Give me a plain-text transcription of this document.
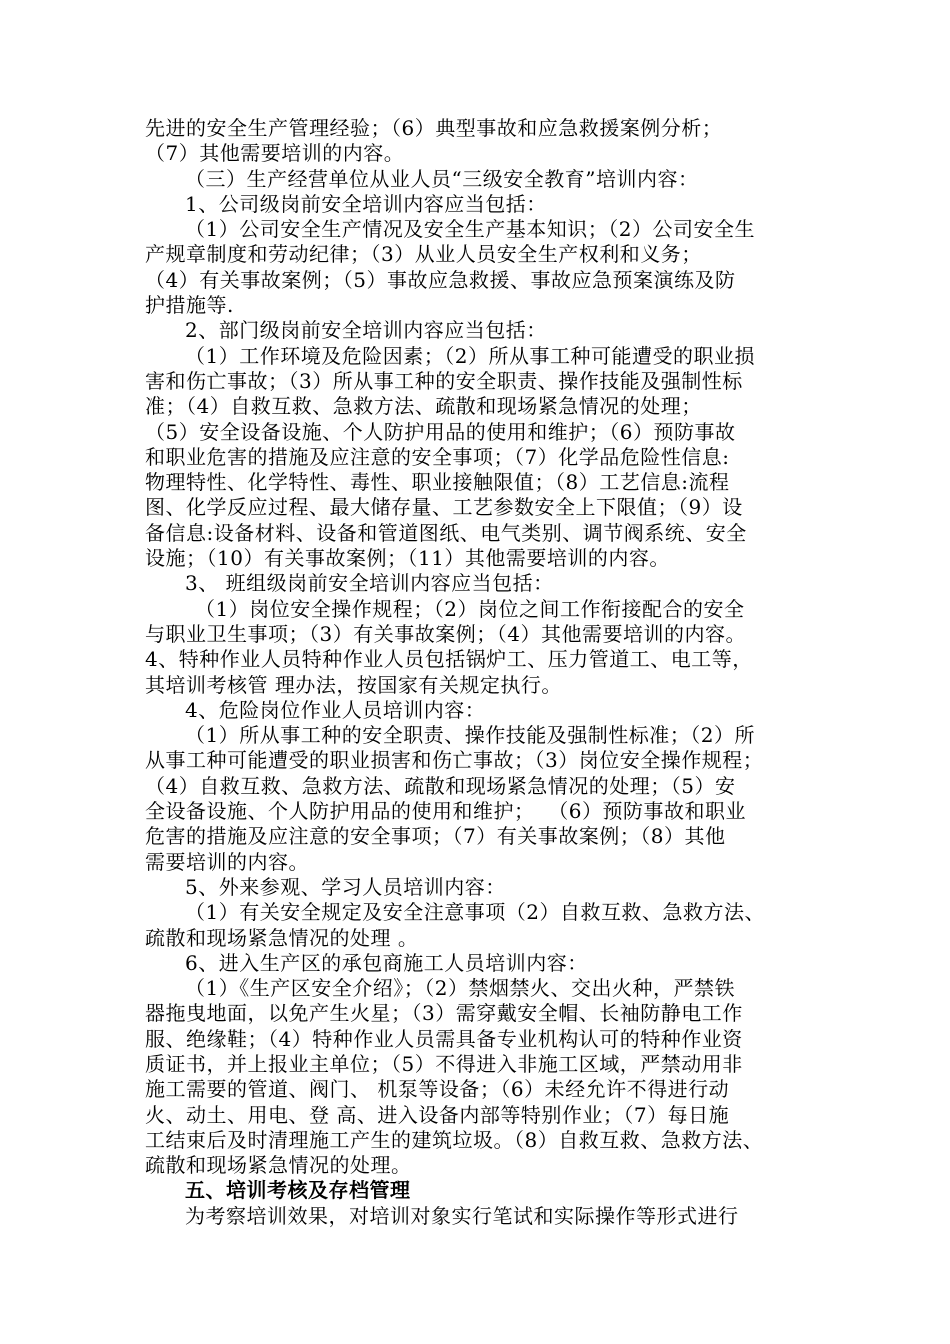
先进的安全生产管理经验；（6）典型事故和应急救援案例分析；
（7）其他需要培训的内容。
（三）生产经营单位从业人员“三级安全教育”培训内容：
1、公司级岗前安全培训内容应当包括：
（1）公司安全生产情况及安全生产基本知识；（2）公司安全生
产规章制度和劳动纪律；（3）从业人员安全生产权利和义务；
（4）有关事故案例；（5）事故应急救援、事故应急预案演练及防
护措施等.
2、部门级岗前安全培训内容应当包括：
（1）工作环境及危险因素；（2）所从事工种可能遭受的职业损
害和伤亡事故；（3）所从事工种的安全职责、操作技能及强制性标
准；（4）自救互救、急救方法、疏散和现场紧急情况的处理；
（5）安全设备设施、个人防护用品的使用和维护；（6）预防事故
和职业危害的措施及应注意的安全事项；（7）化学品危险性信息:
物理特性、化学特性、毒性、职业接触限值；（8）工艺信息:流程
图、化学反应过程、最大储存量、工艺参数安全上下限值；（9）设
备信息:设备材料、设备和管道图纸、电气类别、调节阀系统、安全
设施；（10）有关事故案例；（11）其他需要培训的内容。
3、 班组级岗前安全培训内容应当包括：
（1）岗位安全操作规程；（2）岗位之间工作衔接配合的安全
与职业卫生事项；（3）有关事故案例；（4）其他需要培训的内容。
4、特种作业人员特种作业人员包括锅炉工、压力管道工、电工等，
其培训考核管 理办法，按国家有关规定执行。
4、危险岗位作业人员培训内容：
（1）所从事工种的安全职责、操作技能及强制性标准；（2）所
从事工种可能遭受的职业损害和伤亡事故；（3）岗位安全操作规程；
（4）自救互救、急救方法、疏散和现场紧急情况的处理；（5）安
全设备设施、个人防护用品的使用和维护；  （6）预防事故和职业
危害的措施及应注意的安全事项；（7）有关事故案例；（8）其他
需要培训的内容。
5、外来参观、学习人员培训内容：
（1）有关安全规定及安全注意事项（2）自救互救、急救方法、
疏散和现场紧急情况的处理 。
6、进入生产区的承包商施工人员培训内容：
（1）《生产区安全介绍》；（2）禁烟禁火、交出火种，严禁铁
器拖曳地面，以免产生火星；（3）需穿戴安全帽、长袖防静电工作
服、绝缘鞋；（4）特种作业人员需具备专业机构认可的特种作业资
质证书，并上报业主单位；（5）不得进入非施工区域，严禁动用非
施工需要的管道、阀门、 机泵等设备；（6）未经允许不得进行动
火、动土、用电、登 高、进入设备内部等特别作业；（7）每日施
工结束后及时清理施工产生的建筑垃圾。（8）自救互救、急救方法、
疏散和现场紧急情况的处理。
五、培训考核及存档管理
为考察培训效果，对培训对象实行笔试和实际操作等形式进行
